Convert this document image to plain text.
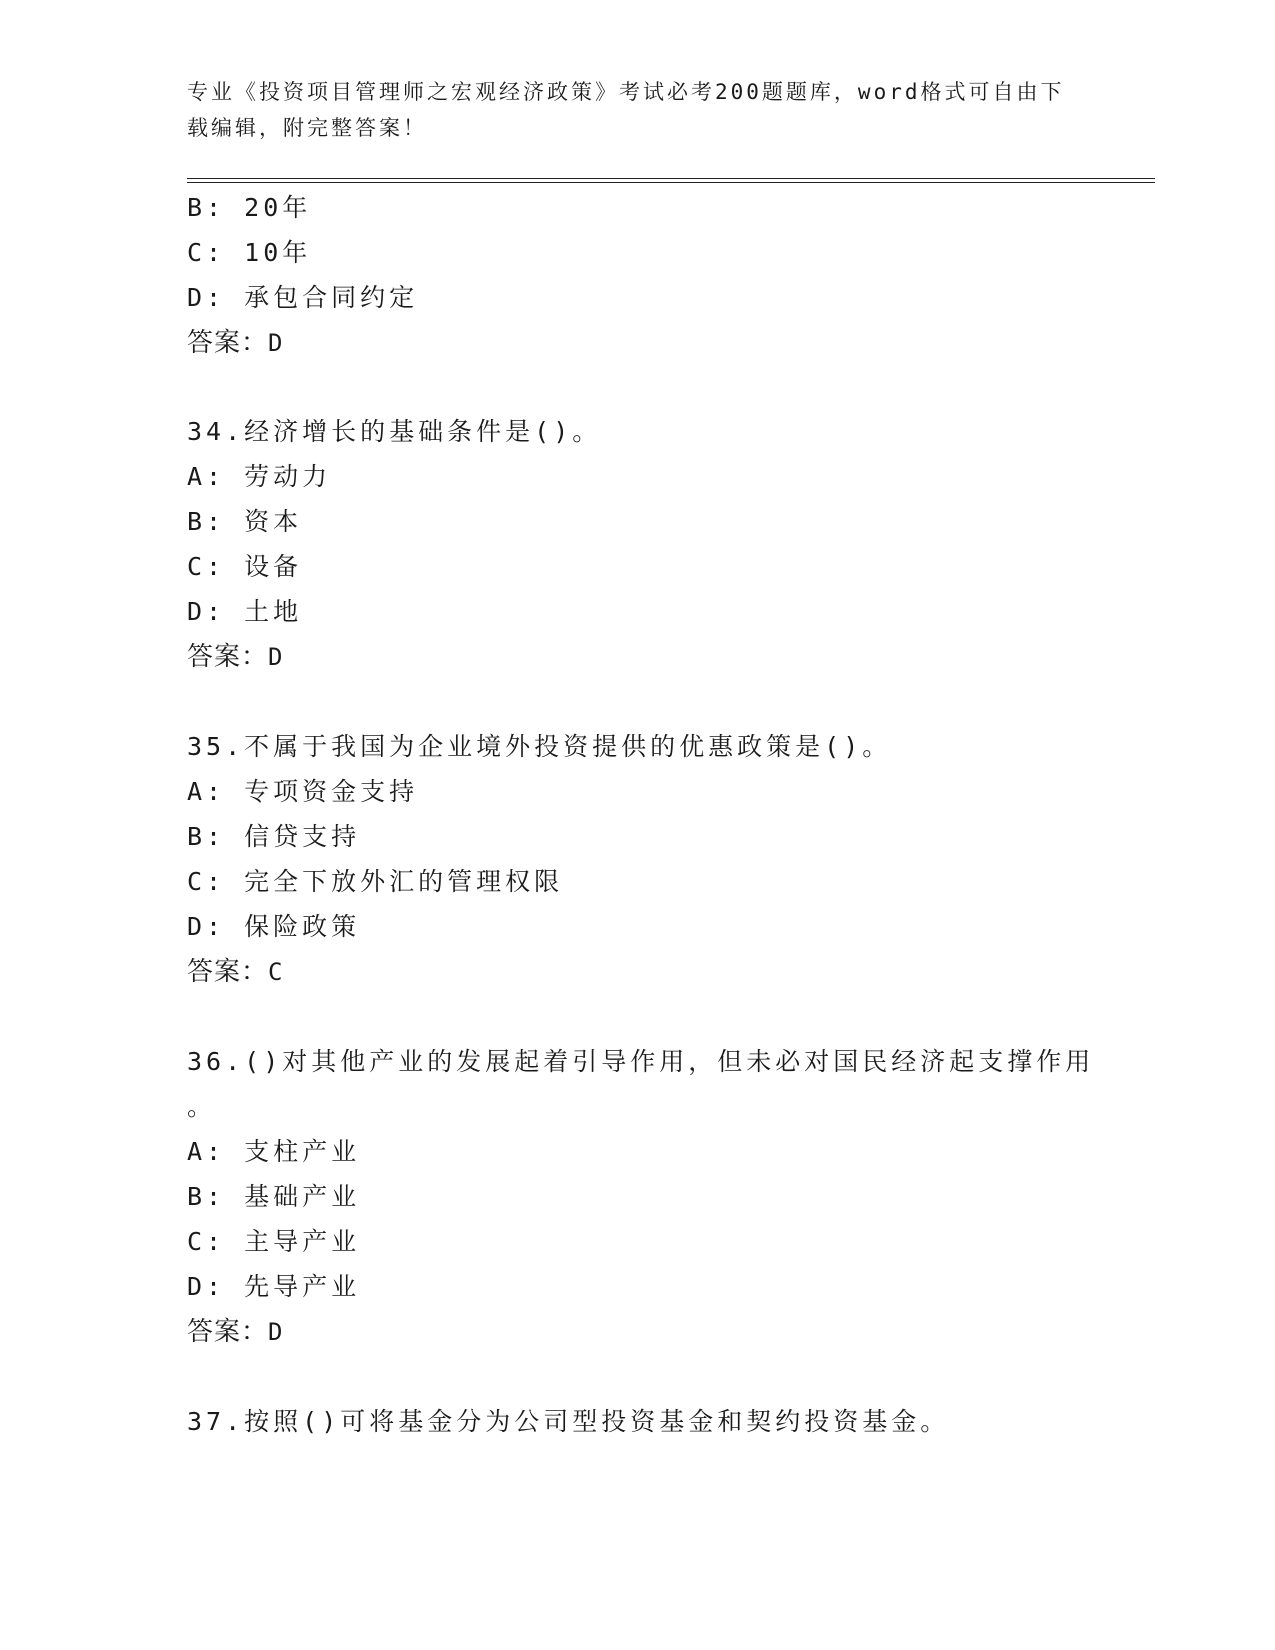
专业《投资项目管理师之宏观经济政策》考试必考200题题库，word格式可自由下载编辑，附完整答案！
B: 20年
C: 10年
D: 承包合同约定
答案：D
34.经济增长的基础条件是()。
A: 劳动力
B: 资本
C: 设备
D: 土地
答案：D
35.不属于我国为企业境外投资提供的优惠政策是()。
A: 专项资金支持
B: 信贷支持
C: 完全下放外汇的管理权限
D: 保险政策
答案：C
36.()对其他产业的发展起着引导作用，但未必对国民经济起支撑作用
。
A: 支柱产业
B: 基础产业
C: 主导产业
D: 先导产业
答案：D
37.按照()可将基金分为公司型投资基金和契约投资基金。
